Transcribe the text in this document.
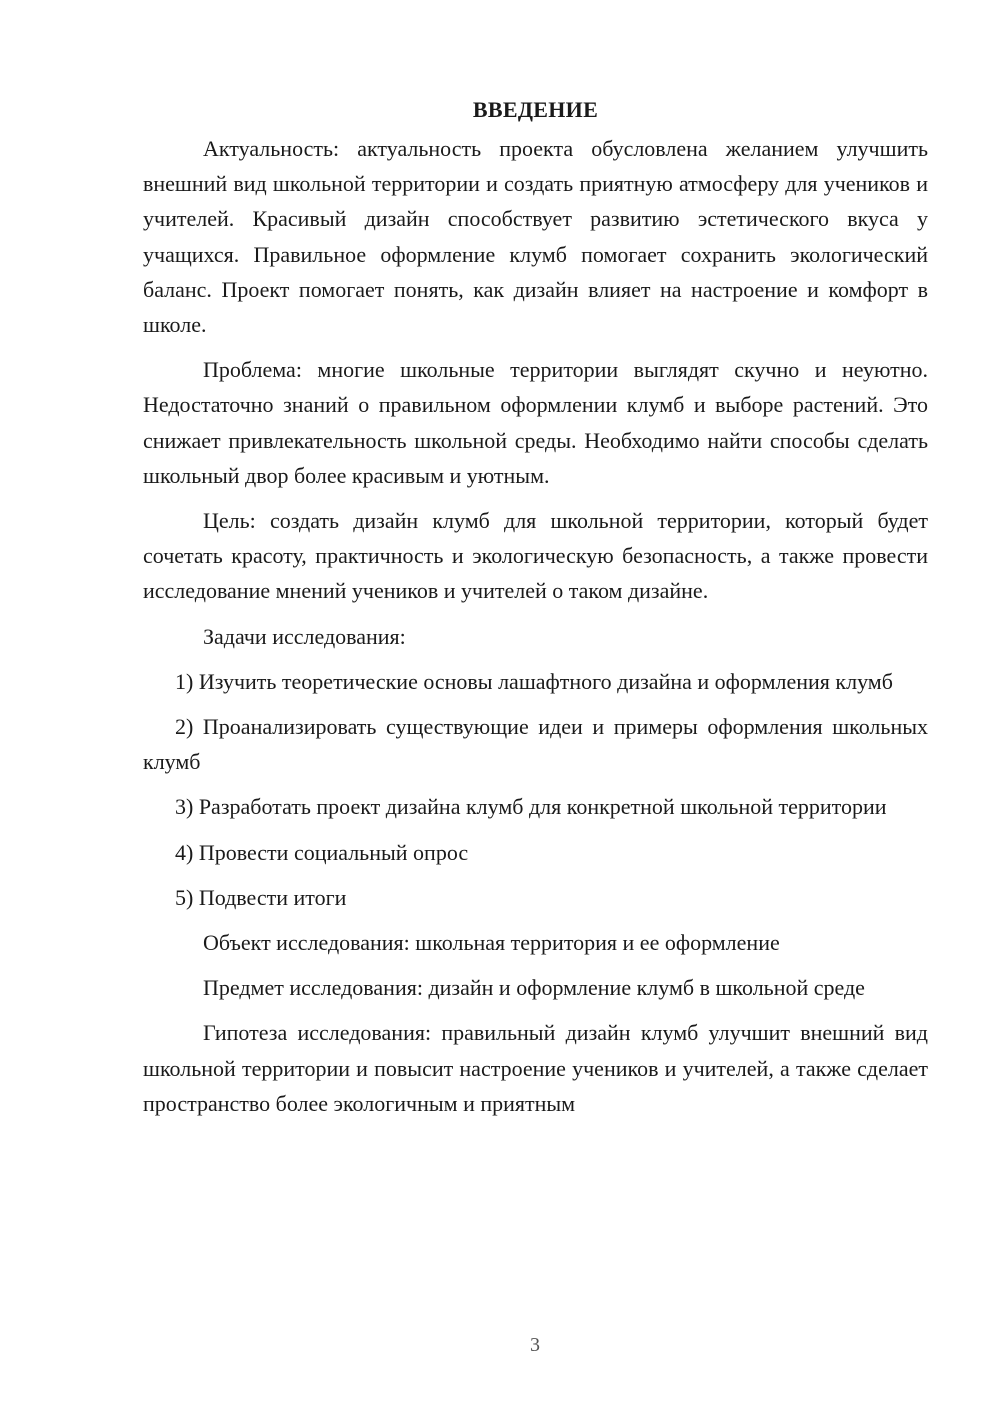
ВВЕДЕНИЕ

Актуальность: актуальность проекта обусловлена желанием улучшить внешний вид школьной территории и создать приятную атмосферу для учеников и учителей. Красивый дизайн способствует развитию эстетического вкуса у учащихся. Правильное оформление клумб помогает сохранить экологический баланс. Проект помогает понять, как дизайн влияет на настроение и комфорт в школе.

Проблема: многие школьные территории выглядят скучно и неуютно. Недостаточно знаний о правильном оформлении клумб и выборе растений. Это снижает привлекательность школьной среды. Необходимо найти способы сделать школьный двор более красивым и уютным.

Цель: создать дизайн клумб для школьной территории, который будет сочетать красоту, практичность и экологическую безопасность, а также провести исследование мнений учеников и учителей о таком дизайне.

Задачи исследования:

1) Изучить теоретические основы лашафтного дизайна и оформления клумб

2) Проанализировать существующие идеи и примеры оформления школьных клумб

3) Разработать проект дизайна клумб для конкретной школьной территории

4) Провести социальный опрос

5) Подвести итоги

Объект исследования: школьная территория и ее оформление

Предмет исследования: дизайн и оформление клумб в школьной среде

Гипотеза исследования: правильный дизайн клумб улучшит внешний вид школьной территории и повысит настроение учеников и учителей, а также сделает пространство более экологичным и приятным

3
